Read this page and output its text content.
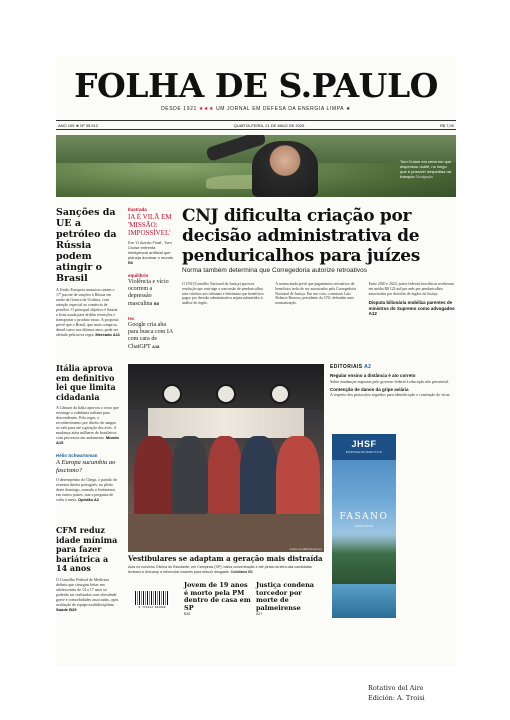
FOLHA DE S.PAULO
DESDE 1921 ★★★ UM JORNAL EM DEFESA DA ENERGIA LIMPA ★
ANO 105 ★ Nº 35.912	QUARTA-FEIRA, 21 DE MAIO DE 2025	R$ 7,00
Tom Cruise em cena em que dispensou dublê, no longo que é possível despedida da franquia Divulgação
Sanções da UE a petróleo da Rússia podem atingir o Brasil
A União Europeia anunciou ontem o 17º pacote de sanções à Rússia em razão da Guerra da Ucrânia, com atenção especial ao comércio de petróleo. O principal objetivo é limitar a frota usada para driblar restrições e transportar o produto russo. A proposta prevê que o Brasil, que mais comprou diesel russo nos últimos anos, pode ser afetado pela nova regra. Mercado A11
Ilustrada
IA É VILÃ EM 'MISSÃO: IMPOSSÍVEL'
Em 'O Acerto Final', Tom Cruise enfrenta inteligência artificial que planeja dominar o mundo B6
equilíbrio
Violência e vício ocorrem a depressão masculina B8
tec
Google cria aba para busca com IA com cara de ChatGPT A18
CNJ dificulta criação por decisão administrativa de penduricalhos para juízes
Norma também determina que Corregedoria autorize retroativos
O CNJ (Conselho Nacional de Justiça) aprovou resolução que restringe a concessão de penduricalhos sem critérios nos tribunais e determina que benefícios pagos por decisão administrativa sejam submetidos à análise do órgão.
A norma ainda prevê que pagamentos retroativos de benefícios terão de ser autorizados pela Corregedoria Nacional de Justiça. Em seu voto, o ministro Luís Roberto Barroso, presidente do CNJ, defendeu uma normatização.
Entre 2020 e 2024, juízes federais brasileiros receberam em média R$ 122 mil por mês por penduricalhos autorizados por decisões de órgãos da Justiça.
Disputa bilionária mobiliza parentes de ministros do Supremo como advogados A12
Itália aprova em definitivo lei que limita cidadania
A Câmara da Itália aprovou o texto que restringe a cidadania italiana para descendentes. Pela regra, o reconhecimento por direito de sangue só vale para até a geração dos avós. A mudança afeta milhares de brasileiros com processos em andamento. Mundo A15
Hélio Schwartsman
A Europa sucumbiu ao fascismo?
O desempenho do Chega, o partido de extrema direita português, no pleito deste domingo, somado a fenômenos em outros países, traz a pergunta de volta à mesa. Opinião A2
CFM reduz idade mínima para fazer bariátrica a 14 anos
O Conselho Federal de Medicina definiu que cirurgias feitas em adolescentes de 14 a 17 anos só poderão ser realizadas com obesidade grave e comorbidades associadas, após avaliação de equipe multidisciplinar. Saúde B29
Felipe Iruatã/Folhapress
Vestibulares se adaptam a geração mais distraída
Aula no cursinho Oficina do Estudante, em Campinas (SP); baixa concentração e até pirata na letra das candidatas levaram a Unicamp a reformular exames para reduzir desgaste. Cotidiano B1
9 771414 581000
Jovem de 19 anos é morto pela PM dentro de casa em SP
B26
Justiça condena torcedor por morte de palmeirense
A27
EDITORIAIS A2
Regular ensino a distância é ato correto
Sobre mudanças impostas pelo governo federal à educação não presencial.
Contenção de danos da gripe aviária
A respeito dos protocolos seguidos para identificação e contenção do vírus.
JHSF
EMPREENDIMENTOS
FASANO
TRANCOSO
Rotativo del Aire
Edición: A. Troisi
